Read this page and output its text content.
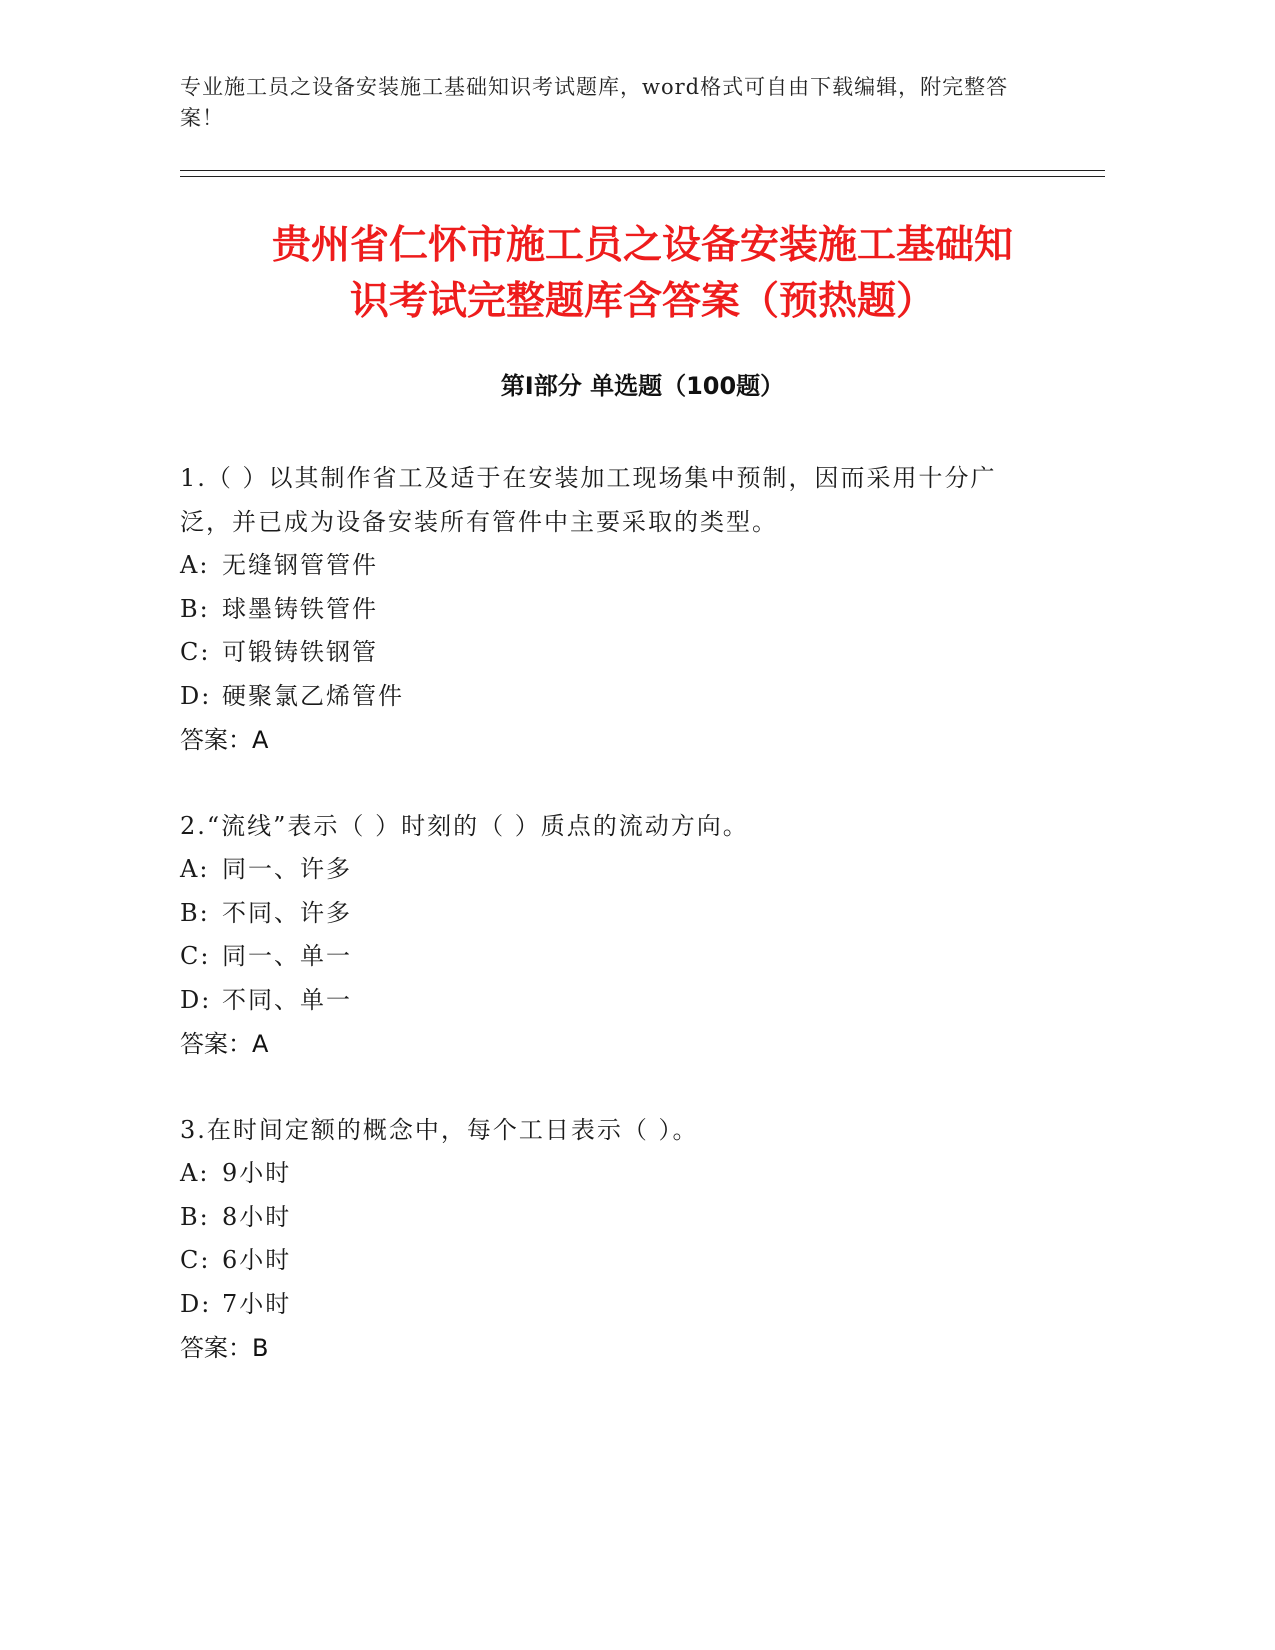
专业施工员之设备安装施工基础知识考试题库，word格式可自由下载编辑，附完整答案！
贵州省仁怀市施工员之设备安装施工基础知
识考试完整题库含答案（预热题）
第Ⅰ部分 单选题（100题）
1.（ ）以其制作省工及适于在安装加工现场集中预制，因而采用十分广泛，并已成为设备安装所有管件中主要采取的类型。
A: 无缝钢管管件
B: 球墨铸铁管件
C: 可锻铸铁钢管
D: 硬聚氯乙烯管件
答案：A
2.“流线”表示（ ）时刻的（ ）质点的流动方向。
A: 同一、许多
B: 不同、许多
C: 同一、单一
D: 不同、单一
答案：A
3.在时间定额的概念中，每个工日表示（ ）。
A: 9小时
B: 8小时
C: 6小时
D: 7小时
答案：B
